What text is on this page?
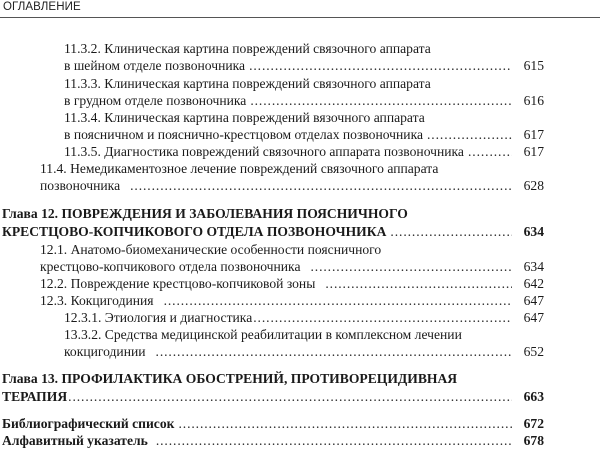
ОГЛАВЛЕНИЕ
11.3.2. Клиническая картина повреждений связочного аппарата
в шейном отделе позвоночника .....	615
11.3.3. Клиническая картина повреждений связочного аппарата
в грудном отделе позвоночника .....	616
11.3.4. Клиническая картина повреждений вязочного аппарата
в поясничном и пояснично-крестцовом отделах позвоночника .....	617
11.3.5. Диагностика повреждений связочного аппарата позвоночника .....	617
11.4. Немедикаментозное лечение повреждений связочного аппарата
позвоночника .....	628
Глава 12. ПОВРЕЖДЕНИЯ И ЗАБОЛЕВАНИЯ ПОЯСНИЧНОГО
КРЕСТЦОВО-КОПЧИКОВОГО ОТДЕЛА ПОЗВОНОЧНИКА .....	634
12.1. Анатомо-биомеханические особенности поясничного
крестцово-копчикового отдела позвоночника .....	634
12.2. Повреждение крестцово-копчиковой зоны .....	642
12.3. Кокцигодиния .....	647
12.3.1. Этиология и диагностика .....	647
13.3.2. Средства медицинской реабилитации в комплексном лечении
кокцигодинии .....	652
Глава 13. ПРОФИЛАКТИКА ОБОСТРЕНИЙ, ПРОТИВОРЕЦИДИВНАЯ
ТЕРАПИЯ .....	663
Библиографический список .....	672
Алфавитный указатель .....	678
